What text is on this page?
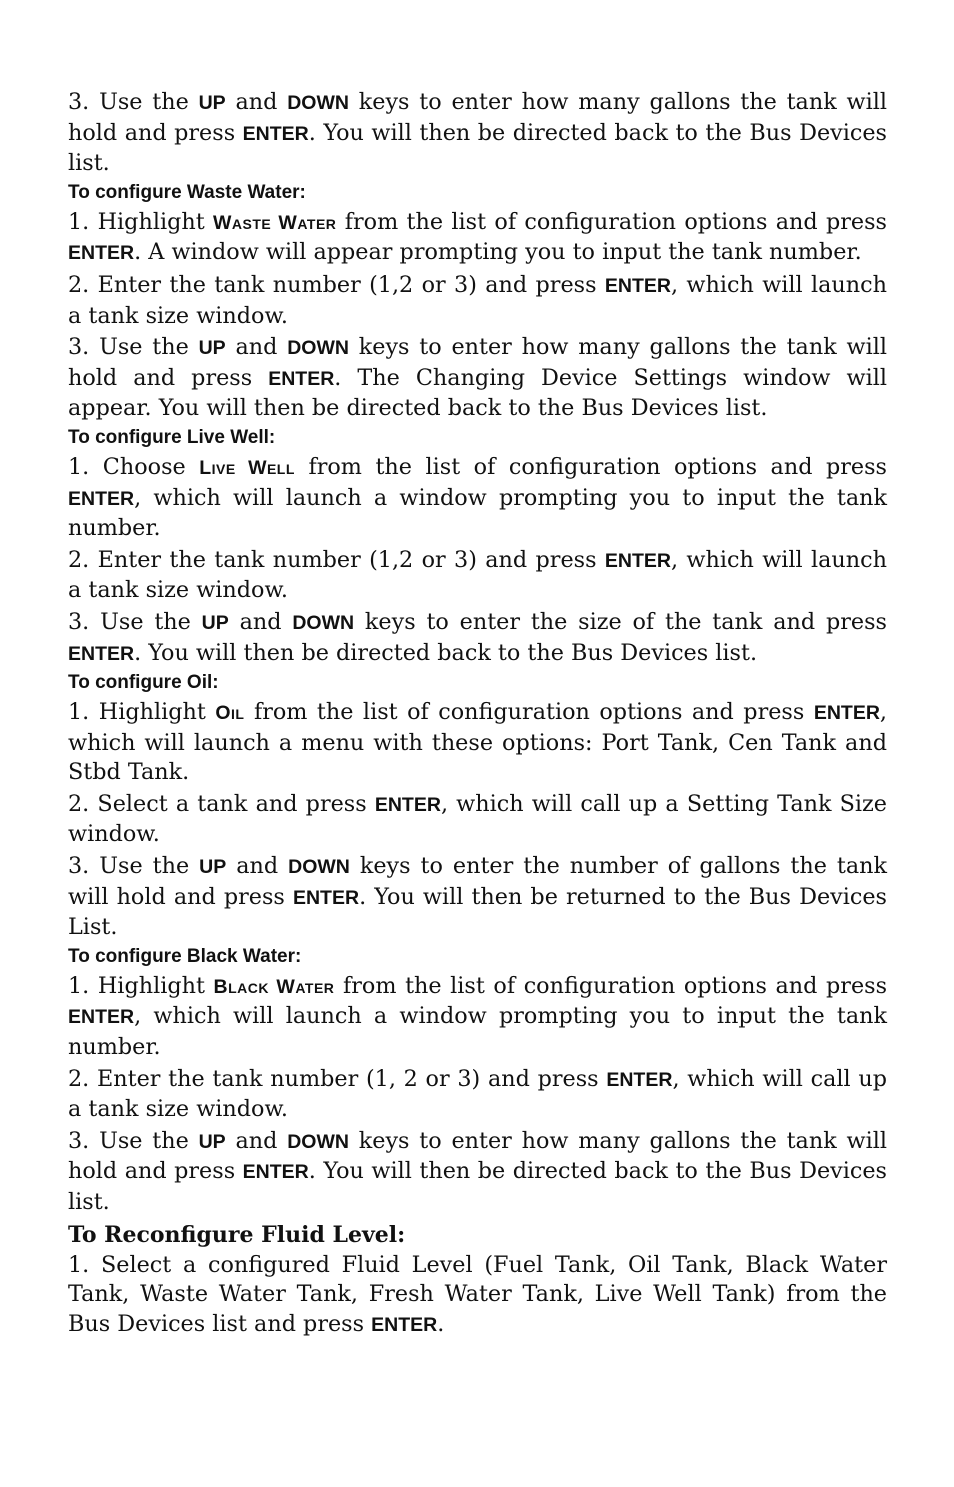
3. Use the UP and DOWN keys to enter how many gallons the tank will hold and press ENTER. You will then be directed back to the Bus Devices list.

To configure Waste Water:

1. Highlight Waste Water from the list of configuration options and press ENTER. A window will appear prompting you to input the tank number.

2. Enter the tank number (1,2 or 3) and press ENTER, which will launch a tank size window.

3. Use the UP and DOWN keys to enter how many gallons the tank will hold and press ENTER. The Changing Device Settings window will appear. You will then be directed back to the Bus Devices list.

To configure Live Well:

1. Choose Live Well from the list of configuration options and press ENTER, which will launch a window prompting you to input the tank number.

2. Enter the tank number (1,2 or 3) and press ENTER, which will launch a tank size window.

3. Use the UP and DOWN keys to enter the size of the tank and press ENTER. You will then be directed back to the Bus Devices list.

To configure Oil:

1. Highlight Oil from the list of configuration options and press ENTER, which will launch a menu with these options: Port Tank, Cen Tank and Stbd Tank.

2. Select a tank and press ENTER, which will call up a Setting Tank Size window.

3. Use the UP and DOWN keys to enter the number of gallons the tank will hold and press ENTER. You will then be returned to the Bus Devices List.

To configure Black Water:

1. Highlight Black Water from the list of configuration options and press ENTER, which will launch a window prompting you to input the tank number.

2. Enter the tank number (1, 2 or 3) and press ENTER, which will call up a tank size window.

3. Use the UP and DOWN keys to enter how many gallons the tank will hold and press ENTER. You will then be directed back to the Bus Devices list.

To Reconfigure Fluid Level:

1. Select a configured Fluid Level (Fuel Tank, Oil Tank, Black Water Tank, Waste Water Tank, Fresh Water Tank, Live Well Tank) from the Bus Devices list and press ENTER.
